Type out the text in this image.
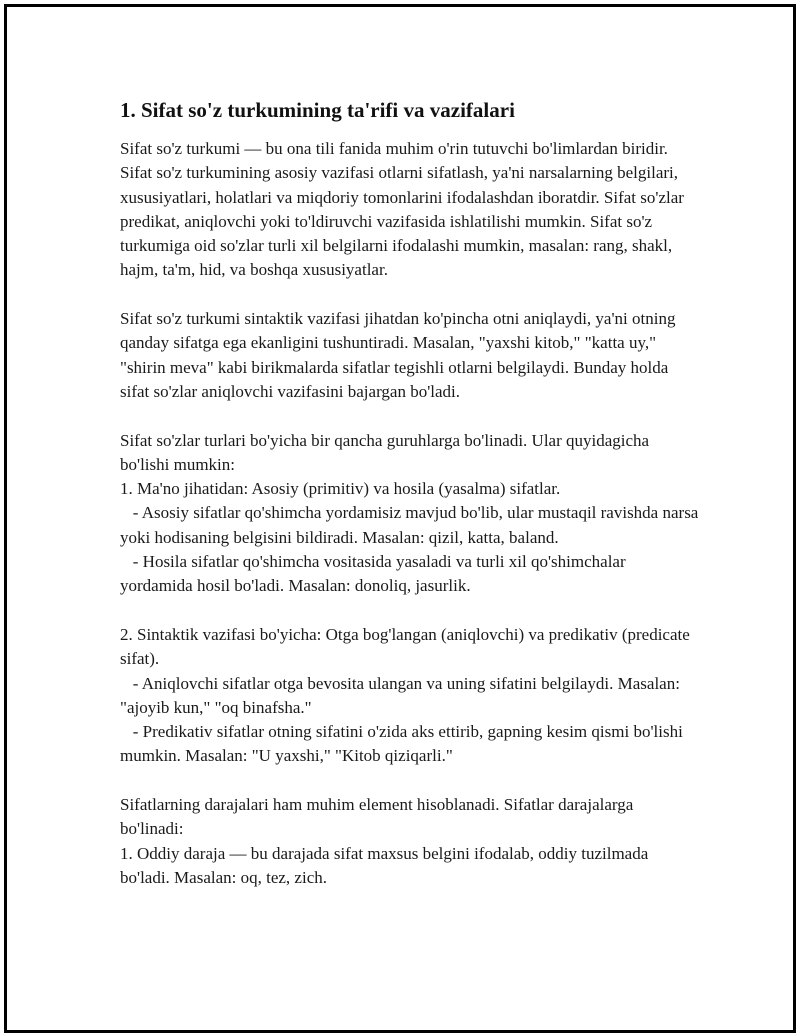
1. Sifat so'z turkumining ta'rifi va vazifalari

Sifat so'z turkumi — bu ona tili fanida muhim o'rin tutuvchi bo'limlardan biridir. Sifat so'z turkumining asosiy vazifasi otlarni sifatlash, ya'ni narsalarning belgilari, xususiyatlari, holatlari va miqdoriy tomonlarini ifodalashdan iboratdir. Sifat so'zlar predikat, aniqlovchi yoki to'ldiruvchi vazifasida ishlatilishi mumkin. Sifat so'z turkumiga oid so'zlar turli xil belgilarni ifodalashi mumkin, masalan: rang, shakl, hajm, ta'm, hid, va boshqa xususiyatlar.

Sifat so'z turkumi sintaktik vazifasi jihatdan ko'pincha otni aniqlaydi, ya'ni otning qanday sifatga ega ekanligini tushuntiradi. Masalan, "yaxshi kitob," "katta uy," "shirin meva" kabi birikmalarda sifatlar tegishli otlarni belgilaydi. Bunday holda sifat so'zlar aniqlovchi vazifasini bajargan bo'ladi.

Sifat so'zlar turlari bo'yicha bir qancha guruhlarga bo'linadi. Ular quyidagicha bo'lishi mumkin:
1. Ma'no jihatidan: Asosiy (primitiv) va hosila (yasalma) sifatlar.
- Asosiy sifatlar qo'shimcha yordamisiz mavjud bo'lib, ular mustaqil ravishda narsa yoki hodisaning belgisini bildiradi. Masalan: qizil, katta, baland.
- Hosila sifatlar qo'shimcha vositasida yasaladi va turli xil qo'shimchalar yordamida hosil bo'ladi. Masalan: donoliq, jasurlik.

2. Sintaktik vazifasi bo'yicha: Otga bog'langan (aniqlovchi) va predikativ (predicate sifat).
- Aniqlovchi sifatlar otga bevosita ulangan va uning sifatini belgilaydi. Masalan: "ajoyib kun," "oq binafsha."
- Predikativ sifatlar otning sifatini o'zida aks ettirib, gapning kesim qismi bo'lishi mumkin. Masalan: "U yaxshi," "Kitob qiziqarli."

Sifatlarning darajalari ham muhim element hisoblanadi. Sifatlar darajalarga bo'linadi:
1. Oddiy daraja — bu darajada sifat maxsus belgini ifodalab, oddiy tuzilmada bo'ladi. Masalan: oq, tez, zich.
